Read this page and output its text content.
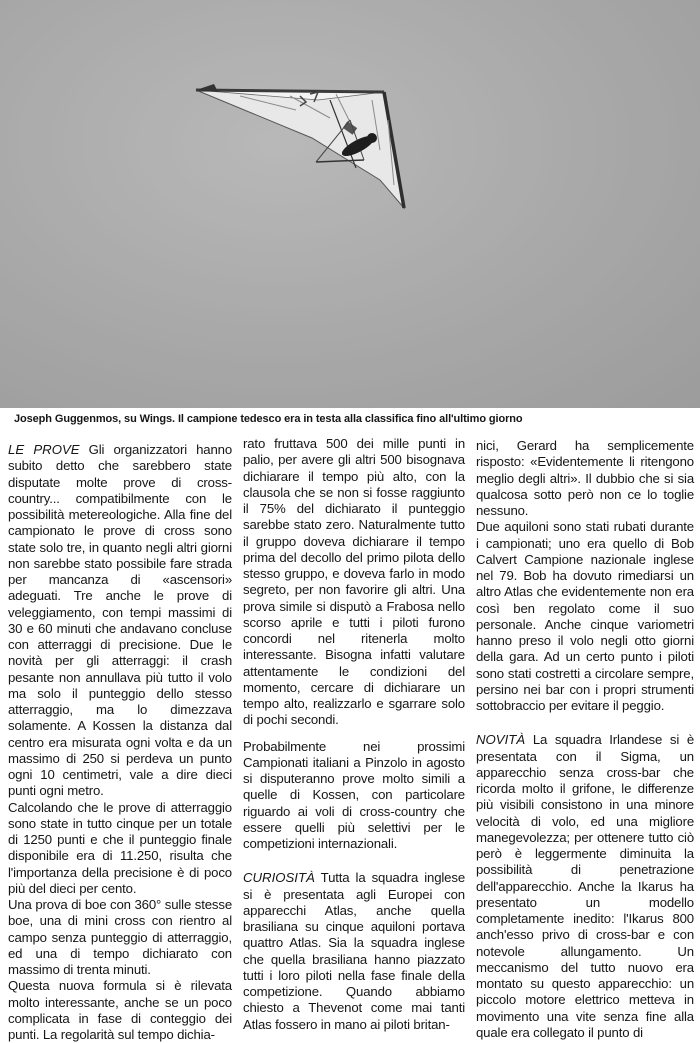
Joseph Guggenmos, su Wings. Il campione tedesco era in testa alla classifica fino all'ultimo giorno

LE PROVE Gli organizzatori hanno subito detto che sarebbero state disputate molte prove di cross-country... compatibilmente con le possibilità metereologiche. Alla fine del campionato le prove di cross sono state solo tre, in quanto negli altri giorni non sarebbe stato possibile fare strada per mancanza di «ascensori» adeguati. Tre anche le prove di veleggiamento, con tempi massimi di 30 e 60 minuti che andavano concluse con atterraggi di precisione. Due le novità per gli atterraggi: il crash pesante non annullava più tutto il volo ma solo il punteggio dello stesso atterraggio, ma lo dimezzava solamente. A Kossen la distanza dal centro era misurata ogni volta e da un massimo di 250 si perdeva un punto ogni 10 centimetri, vale a dire dieci punti ogni metro.

Calcolando che le prove di atterraggio sono state in tutto cinque per un totale di 1250 punti e che il punteggio finale disponibile era di 11.250, risulta che l'importanza della precisione è di poco più del dieci per cento.

Una prova di boe con 360° sulle stesse boe, una di mini cross con rientro al campo senza punteggio di atterraggio, ed una di tempo dichiarato con massimo di trenta minuti.

Questa nuova formula si è rilevata molto interessante, anche se un poco complicata in fase di conteggio dei punti. La regolarità sul tempo dichia-

rato fruttava 500 dei mille punti in palio, per avere gli altri 500 bisognava dichiarare il tempo più alto, con la clausola che se non si fosse raggiunto il 75% del dichiarato il punteggio sarebbe stato zero. Naturalmente tutto il gruppo doveva dichiarare il tempo prima del decollo del primo pilota dello stesso gruppo, e doveva farlo in modo segreto, per non favorire gli altri. Una prova simile si disputò a Frabosa nello scorso aprile e tutti i piloti furono concordi nel ritenerla molto interessante. Bisogna infatti valutare attentamente le condizioni del momento, cercare di dichiarare un tempo alto, realizzarlo e sgarrare solo di pochi secondi.

Probabilmente nei prossimi Campionati italiani a Pinzolo in agosto si disputeranno prove molto simili a quelle di Kossen, con particolare riguardo ai voli di cross-country che essere quelli più selettivi per le competizioni internazionali.

CURIOSITÀ Tutta la squadra inglese si è presentata agli Europei con apparecchi Atlas, anche quella brasiliana su cinque aquiloni portava quattro Atlas. Sia la squadra inglese che quella brasiliana hanno piazzato tutti i loro piloti nella fase finale della competizione. Quando abbiamo chiesto a Thevenot come mai tanti Atlas fossero in mano ai piloti britan-

nici, Gerard ha semplicemente risposto: «Evidentemente li ritengono meglio degli altri». Il dubbio che si sia qualcosa sotto però non ce lo toglie nessuno.

Due aquiloni sono stati rubati durante i campionati; uno era quello di Bob Calvert Campione nazionale inglese nel 79. Bob ha dovuto rimediarsi un altro Atlas che evidentemente non era così ben regolato come il suo personale. Anche cinque variometri hanno preso il volo negli otto giorni della gara. Ad un certo punto i piloti sono stati costretti a circolare sempre, persino nei bar con i propri strumenti sottobraccio per evitare il peggio.

NOVITÀ La squadra Irlandese si è presentata con il Sigma, un apparecchio senza cross-bar che ricorda molto il grifone, le differenze più visibili consistono in una minore velocità di volo, ed una migliore manegevolezza; per ottenere tutto ciò però è leggermente diminuita la possibilità di penetrazione dell'apparecchio. Anche la Ikarus ha presentato un modello completamente inedito: l'Ikarus 800 anch'esso privo di cross-bar e con notevole allungamento. Un meccanismo del tutto nuovo era montato su questo apparecchio: un piccolo motore elettrico metteva in movimento una vite senza fine alla quale era collegato il punto di
